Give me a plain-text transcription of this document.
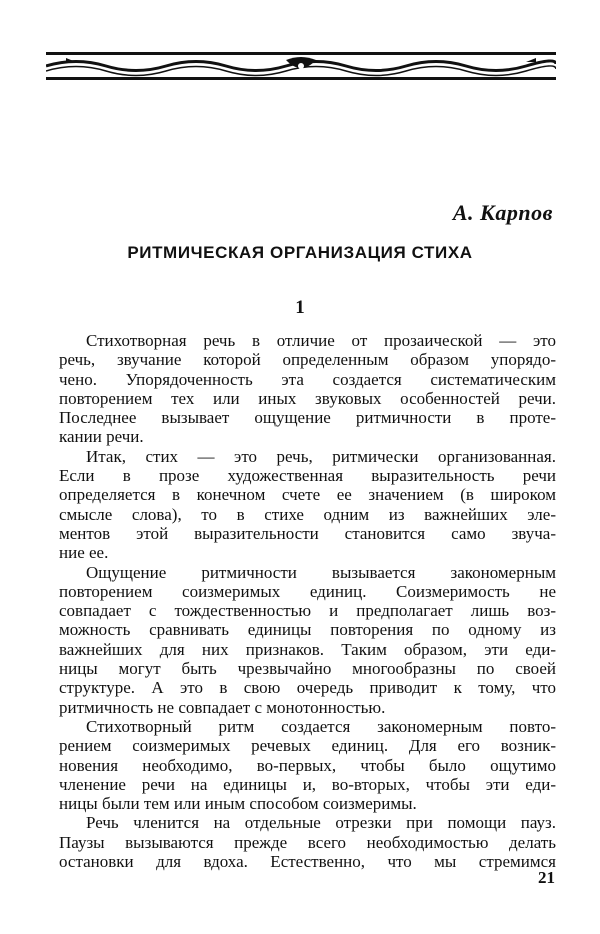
А. Карпов
РИТМИЧЕСКАЯ ОРГАНИЗАЦИЯ СТИХА
1
Стихотворная речь в отличие от прозаической — это
речь, звучание которой определенным образом упорядо-
чено. Упорядоченность эта создается систематическим
повторением тех или иных звуковых особенностей речи.
Последнее вызывает ощущение ритмичности в проте-
кании речи.
Итак, стих — это речь, ритмически организованная.
Если в прозе художественная выразительность речи
определяется в конечном счете ее значением (в широком
смысле слова), то в стихе одним из важнейших эле-
ментов этой выразительности становится само звуча-
ние ее.
Ощущение ритмичности вызывается закономерным
повторением соизмеримых единиц. Соизмеримость не
совпадает с тождественностью и предполагает лишь воз-
можность сравнивать единицы повторения по одному из
важнейших для них признаков. Таким образом, эти еди-
ницы могут быть чрезвычайно многообразны по своей
структуре. А это в свою очередь приводит к тому, что
ритмичность не совпадает с монотонностью.
Стихотворный ритм создается закономерным повто-
рением соизмеримых речевых единиц. Для его возник-
новения необходимо, во-первых, чтобы было ощутимо
членение речи на единицы и, во-вторых, чтобы эти еди-
ницы были тем или иным способом соизмеримы.
Речь членится на отдельные отрезки при помощи пауз.
Паузы вызываются прежде всего необходимостью делать
остановки для вдоха. Естественно, что мы стремимся
21
